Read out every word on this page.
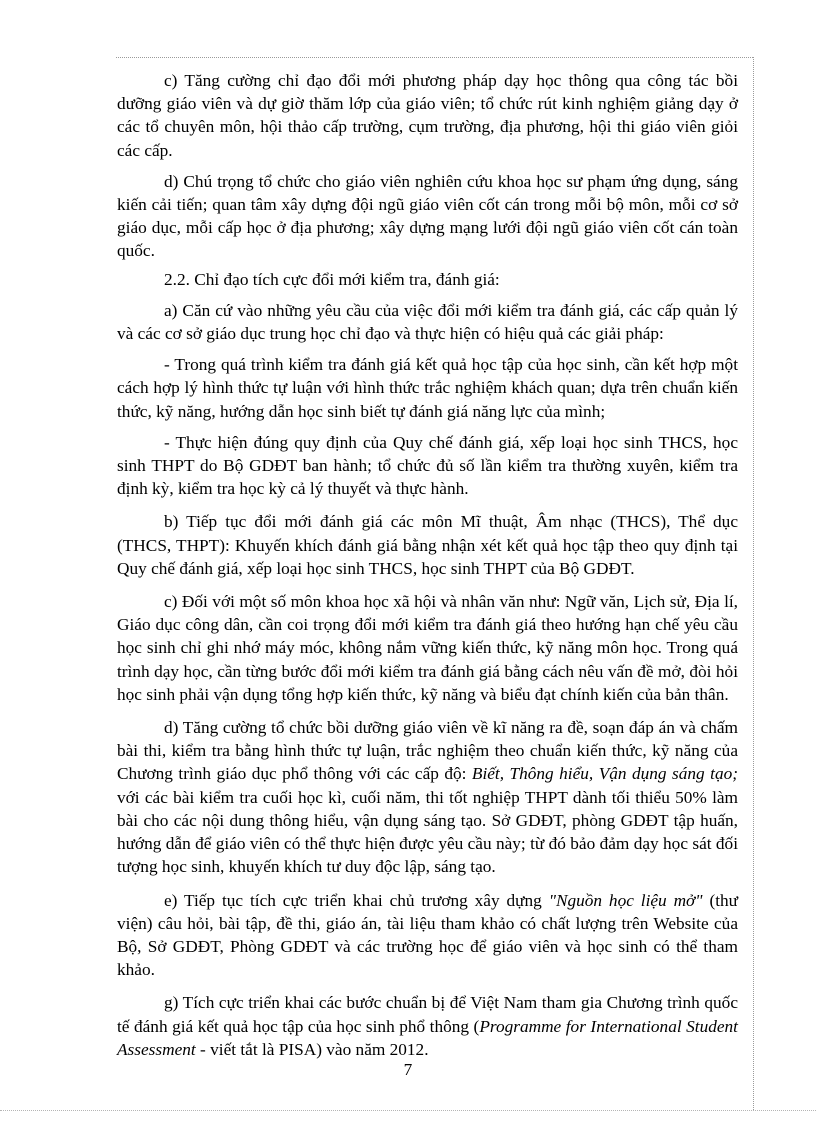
c) Tăng cường chỉ đạo đổi mới phương pháp dạy học thông qua công tác bồi dưỡng giáo viên và dự giờ thăm lớp của giáo viên; tổ chức rút kinh nghiệm giảng dạy ở các tổ chuyên môn, hội thảo cấp trường, cụm trường, địa phương, hội thi giáo viên giỏi các cấp.

d) Chú trọng tổ chức cho giáo viên nghiên cứu khoa học sư phạm ứng dụng, sáng kiến cải tiến; quan tâm xây dựng đội ngũ giáo viên cốt cán trong mỗi bộ môn, mỗi cơ sở giáo dục, mỗi cấp học ở địa phương; xây dựng mạng lưới đội ngũ giáo viên cốt cán toàn quốc.

2.2. Chỉ đạo tích cực đổi mới kiểm tra, đánh giá:

a) Căn cứ vào những yêu cầu của việc đổi mới kiểm tra đánh giá, các cấp quản lý và các cơ sở giáo dục trung học chỉ đạo và thực hiện có hiệu quả các giải pháp:

- Trong quá trình kiểm tra đánh giá kết quả học tập của học sinh, cần kết hợp một cách hợp lý hình thức tự luận với hình thức trắc nghiệm khách quan; dựa trên chuẩn kiến thức, kỹ năng, hướng dẫn học sinh biết tự đánh giá năng lực của mình;

- Thực hiện đúng quy định của Quy chế đánh giá, xếp loại học sinh THCS, học sinh THPT do Bộ GDĐT ban hành; tổ chức đủ số lần kiểm tra thường xuyên, kiểm tra định kỳ, kiểm tra học kỳ cả lý thuyết và thực hành.

b) Tiếp tục đổi mới đánh giá các môn Mĩ thuật, Âm nhạc (THCS), Thể dục (THCS, THPT): Khuyến khích đánh giá bằng nhận xét kết quả học tập theo quy định tại Quy chế đánh giá, xếp loại học sinh THCS, học sinh THPT của Bộ GDĐT.

c) Đối với một số môn khoa học xã hội và nhân văn như: Ngữ văn, Lịch sử, Địa lí, Giáo dục công dân, cần coi trọng đổi mới kiểm tra đánh giá theo hướng hạn chế yêu cầu học sinh chỉ ghi nhớ máy móc, không nắm vững kiến thức, kỹ năng môn học. Trong quá trình dạy học, cần từng bước đổi mới kiểm tra đánh giá bằng cách nêu vấn đề mở, đòi hỏi học sinh phải vận dụng tổng hợp kiến thức, kỹ năng và biểu đạt chính kiến của bản thân.

d) Tăng cường tổ chức bồi dưỡng giáo viên về kĩ năng ra đề, soạn đáp án và chấm bài thi, kiểm tra bằng hình thức tự luận, trắc nghiệm theo chuẩn kiến thức, kỹ năng của Chương trình giáo dục phổ thông với các cấp độ: Biết, Thông hiểu, Vận dụng sáng tạo; với các bài kiểm tra cuối học kì, cuối năm, thi tốt nghiệp THPT dành tối thiểu 50% làm bài cho các nội dung thông hiểu, vận dụng sáng tạo. Sở GDĐT, phòng GDĐT tập huấn, hướng dẫn để giáo viên có thể thực hiện được yêu cầu này; từ đó bảo đảm dạy học sát đối tượng học sinh, khuyến khích tư duy độc lập, sáng tạo.

e) Tiếp tục tích cực triển khai chủ trương xây dựng "Nguồn học liệu mở" (thư viện) câu hỏi, bài tập, đề thi, giáo án, tài liệu tham khảo có chất lượng trên Website của Bộ, Sở GDĐT, Phòng GDĐT và các trường học để giáo viên và học sinh có thể tham khảo.

g) Tích cực triển khai các bước chuẩn bị để Việt Nam tham gia Chương trình quốc tế đánh giá kết quả học tập của học sinh phổ thông (Programme for International Student Assessment - viết tắt là PISA) vào năm 2012.

7
